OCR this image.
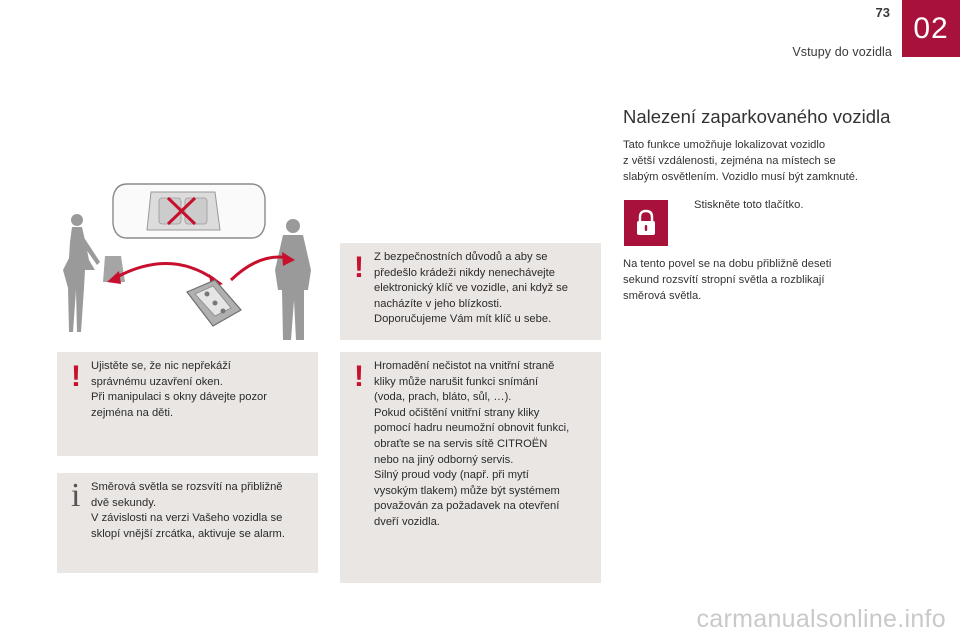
73
Vstupy do vozidla
02
! Ujistěte se, že nic nepřekáží

správnému uzavření oken.

Při manipulaci s okny dávejte pozor

zejména na děti.

i Směrová světla se rozsvítí na přibližně

dvě sekundy.

V závislosti na verzi Vašeho vozidla se

sklopí vnější zrcátka, aktivuje se alarm.

! Z bezpečnostních důvodů a aby se

předešlo krádeži nikdy nenechávejte

elektronický klíč ve vozidle, ani když se

nacházíte v jeho blízkosti.

Doporučujeme Vám mít klíč u sebe.

! Hromadění nečistot na vnitřní straně

kliky může narušit funkci snímání

(voda, prach, bláto, sůl, …).

Pokud očištění vnitřní strany kliky

pomocí hadru neumožní obnovit funkci,

obraťte se na servis sítě CITROËN

nebo na jiný odborný servis.

Silný proud vody (např. při mytí

vysokým tlakem) může být systémem

považován za požadavek na otevření

dveří vozidla.

Nalezení zaparkovaného vozidla
Tato funkce umožňuje lokalizovat vozidlo
z větší vzdálenosti, zejména na místech se
slabým osvětlením. Vozidlo musí být zamknuté.
Stiskněte toto tlačítko.
Na tento povel se na dobu přibližně deseti
sekund rozsvítí stropní světla a rozblikají
směrová světla.
carmanualsonline.info
